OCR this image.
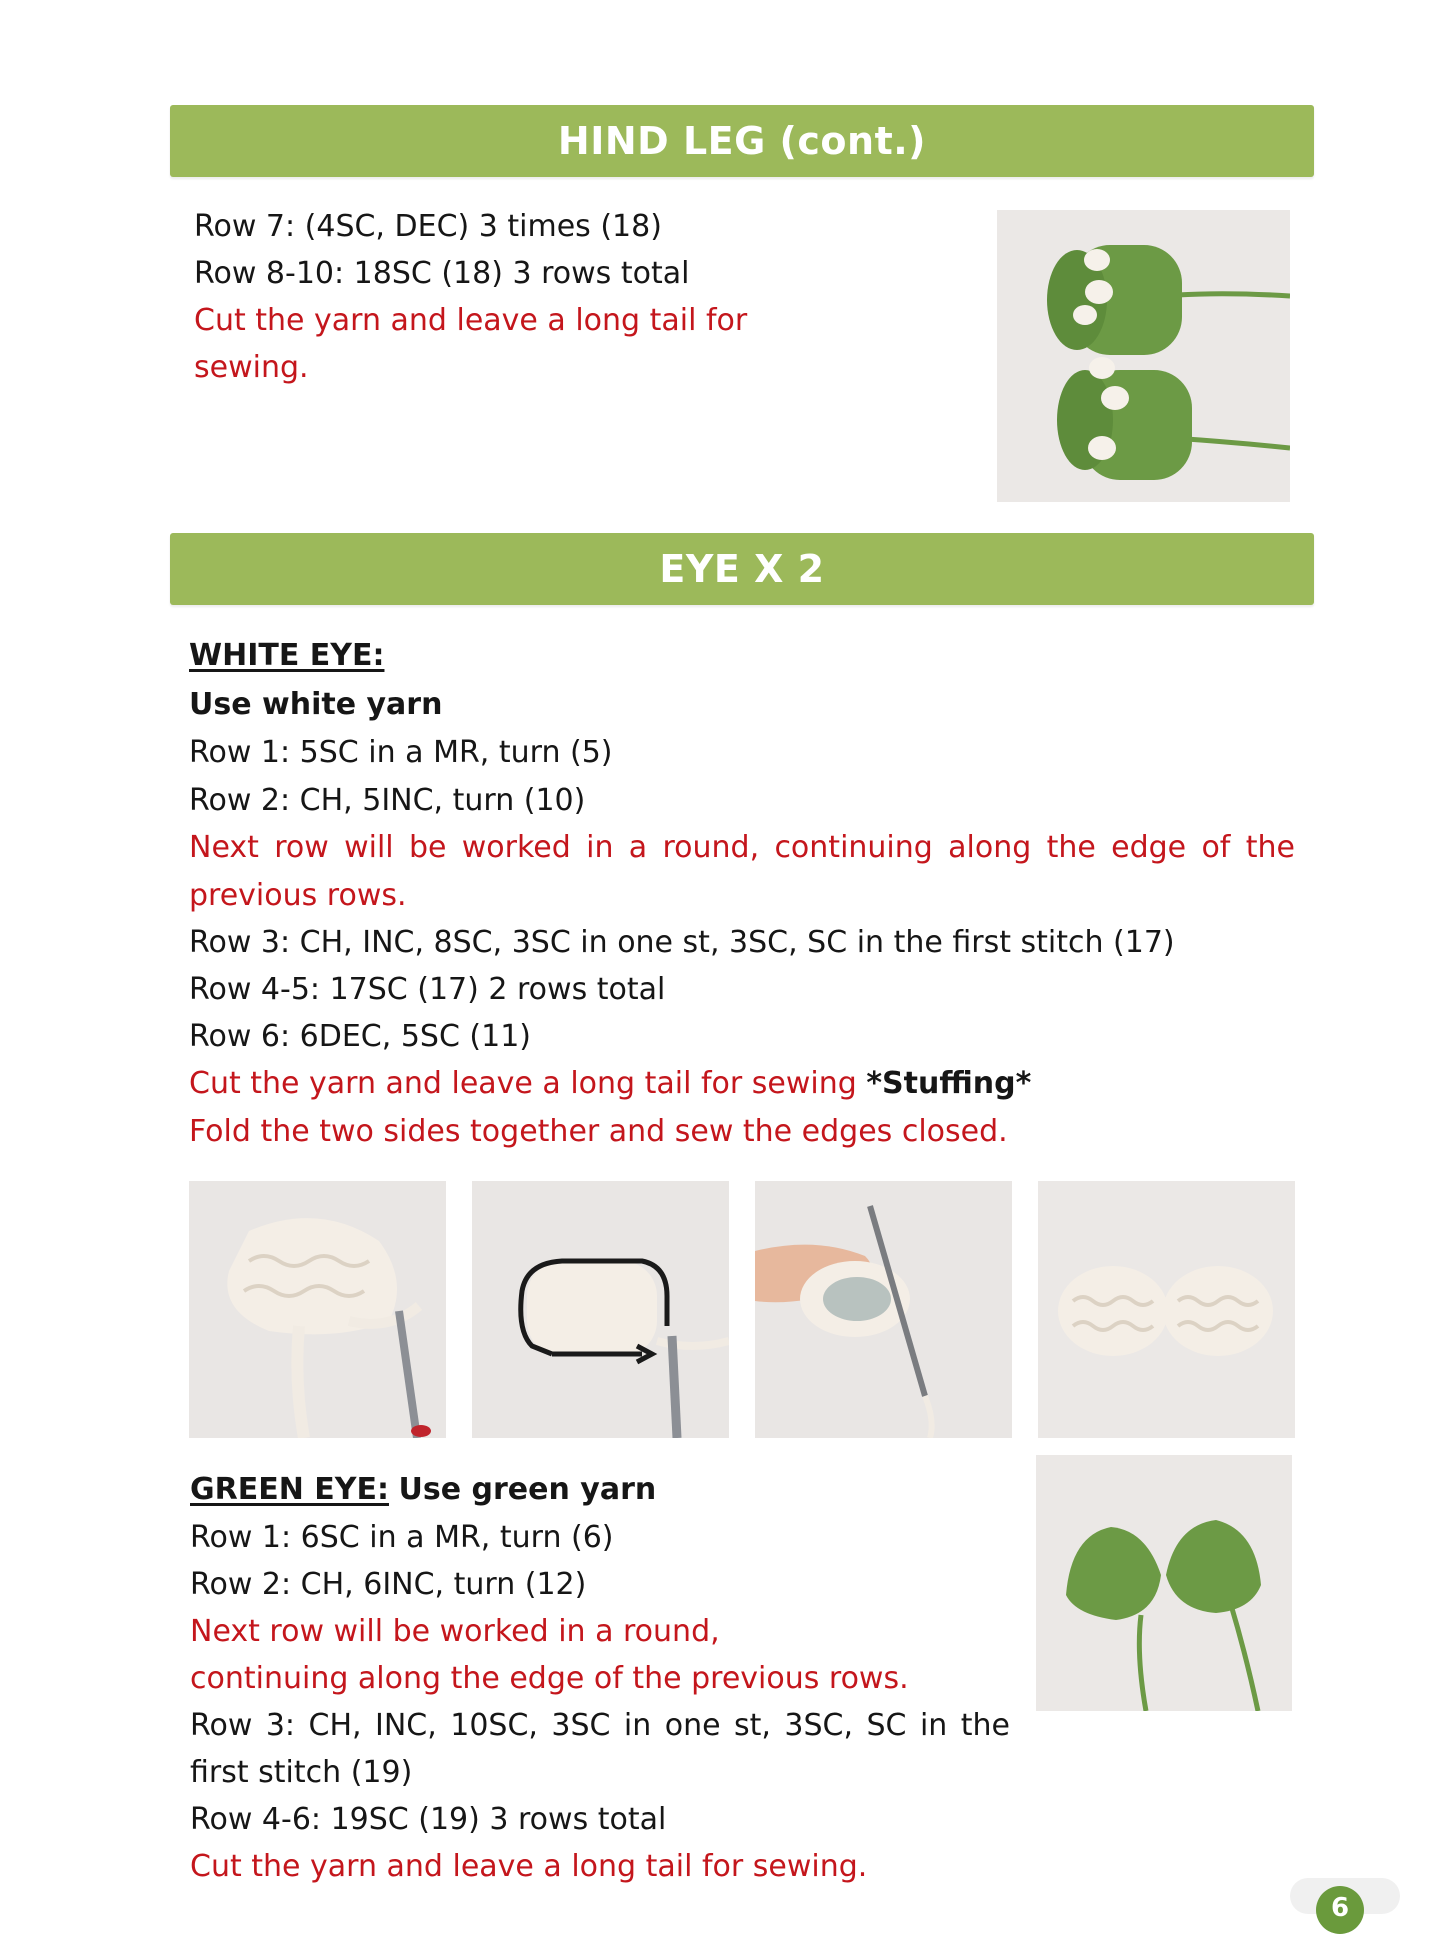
HIND LEG (cont.)
Row 7: (4SC, DEC) 3 times (18)
Row 8-10: 18SC (18) 3 rows total
Cut the yarn and leave a long tail for
sewing.
EYE X 2
WHITE EYE:
Use white yarn
Row 1: 5SC in a MR, turn (5)
Row 2: CH, 5INC, turn (10)
Next row will be worked in a round, continuing along the edge of the
previous rows.
Row 3: CH, INC, 8SC, 3SC in one st, 3SC, SC in the first stitch (17)
Row 4-5: 17SC (17) 2 rows total
Row 6: 6DEC, 5SC (11)
Cut the yarn and leave a long tail for sewing *Stuffing*
Fold the two sides together and sew the edges closed.
GREEN EYE: Use green yarn
Row 1: 6SC in a MR, turn (6)
Row 2: CH, 6INC, turn (12)
Next row will be worked in a round,
continuing along the edge of the previous rows.
Row 3: CH, INC, 10SC, 3SC in one st, 3SC, SC in the
first stitch (19)
Row 4-6: 19SC (19) 3 rows total
Cut the yarn and leave a long tail for sewing.
6
